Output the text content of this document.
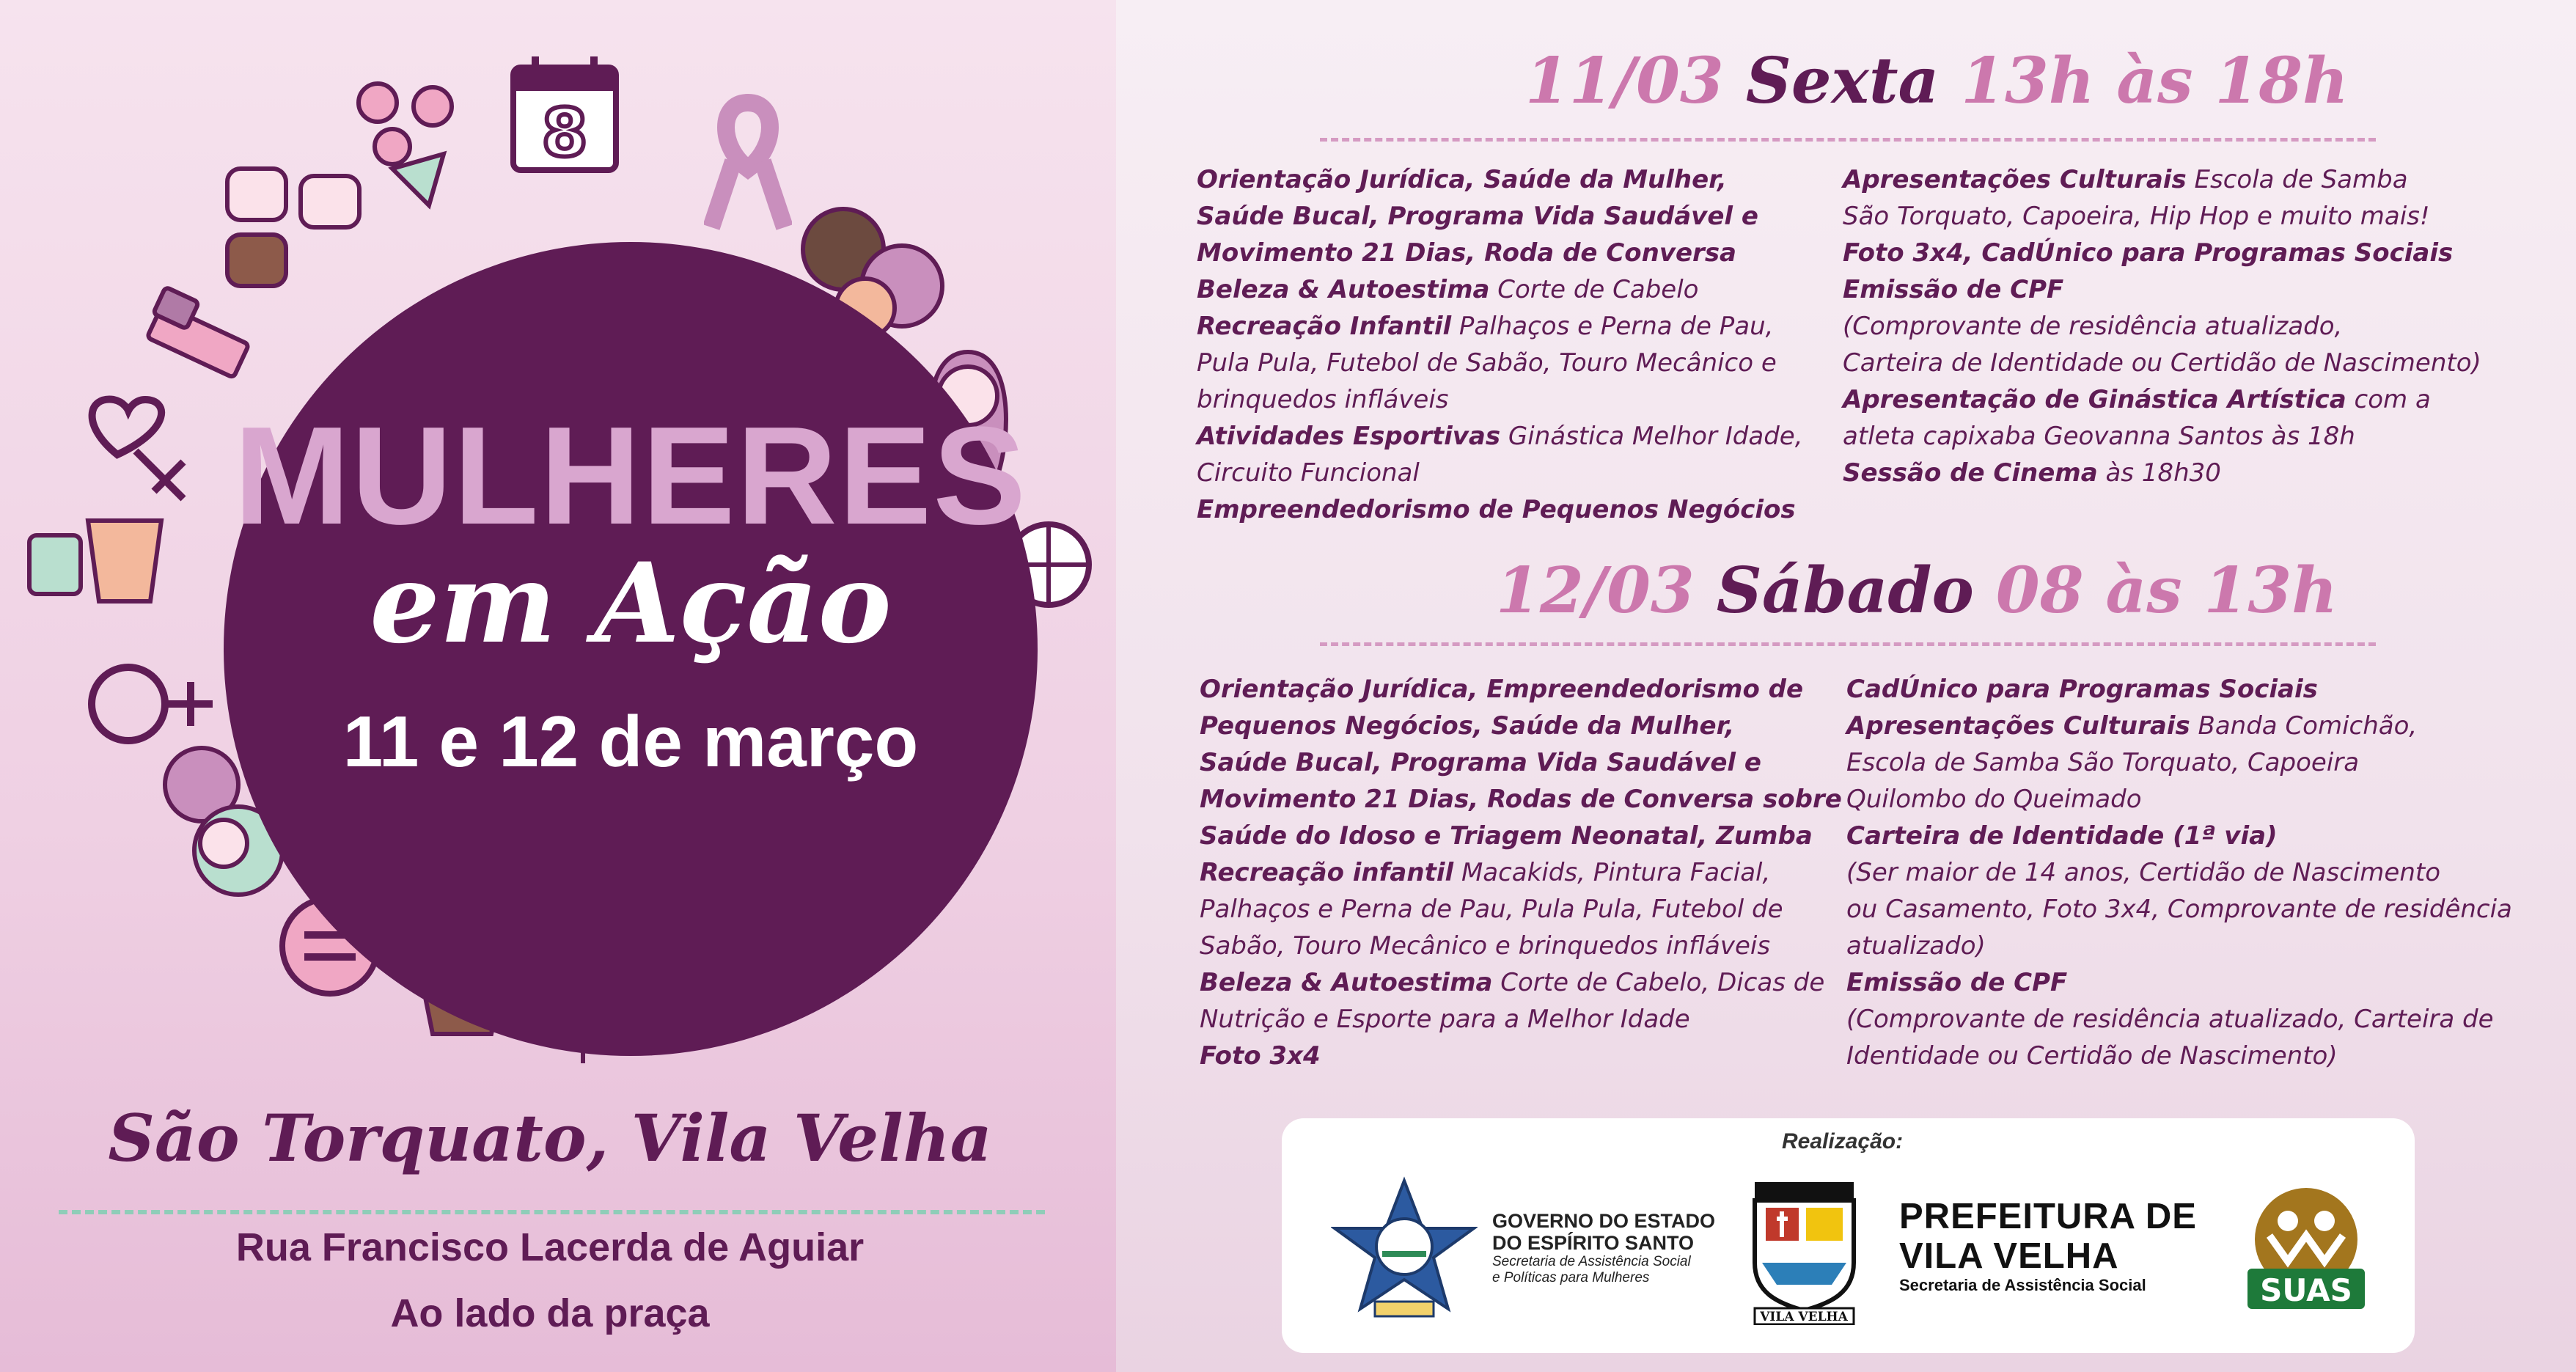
8
MULHERES
em Ação
11 e 12 de março
São Torquato, Vila Velha
Rua Francisco Lacerda de Aguiar
Ao lado da praça
11/03 Sexta 13h às 18h
Orientação Jurídica, Saúde da Mulher,
Saúde Bucal, Programa Vida Saudável e
Movimento 21 Dias, Roda de Conversa
Beleza & Autoestima Corte de Cabelo
Recreação Infantil Palhaços e Perna de Pau,
Pula Pula, Futebol de Sabão, Touro Mecânico e
brinquedos infláveis
Atividades Esportivas Ginástica Melhor Idade,
Circuito Funcional
Empreendedorismo de Pequenos Negócios
Apresentações Culturais Escola de Samba
São Torquato, Capoeira, Hip Hop e muito mais!
Foto 3x4, CadÚnico para Programas Sociais
Emissão de CPF
(Comprovante de residência atualizado,
Carteira de Identidade ou Certidão de Nascimento)
Apresentação de Ginástica Artística com a
atleta capixaba Geovanna Santos às 18h
Sessão de Cinema às 18h30
12/03 Sábado 08 às 13h
Orientação Jurídica, Empreendedorismo de
Pequenos Negócios, Saúde da Mulher,
Saúde Bucal, Programa Vida Saudável e
Movimento 21 Dias, Rodas de Conversa sobre
Saúde do Idoso e Triagem Neonatal, Zumba
Recreação infantil Macakids, Pintura Facial,
Palhaços e Perna de Pau, Pula Pula, Futebol de
Sabão, Touro Mecânico e brinquedos infláveis
Beleza & Autoestima Corte de Cabelo, Dicas de
Nutrição e Esporte para a Melhor Idade
Foto 3x4
CadÚnico para Programas Sociais
Apresentações Culturais Banda Comichão,
Escola de Samba São Torquato, Capoeira
Quilombo do Queimado
Carteira de Identidade (1ª via)
(Ser maior de 14 anos, Certidão de Nascimento
ou Casamento, Foto 3x4, Comprovante de residência
atualizado)
Emissão de CPF
(Comprovante de residência atualizado, Carteira de
Identidade ou Certidão de Nascimento)
Realização:
GOVERNO DO ESTADO
DO ESPÍRITO SANTO
Secretaria de Assistência Social
e Políticas para Mulheres
VILA VELHA
PREFEITURA DE
VILA VELHA
Secretaria de Assistência Social	SUAS
